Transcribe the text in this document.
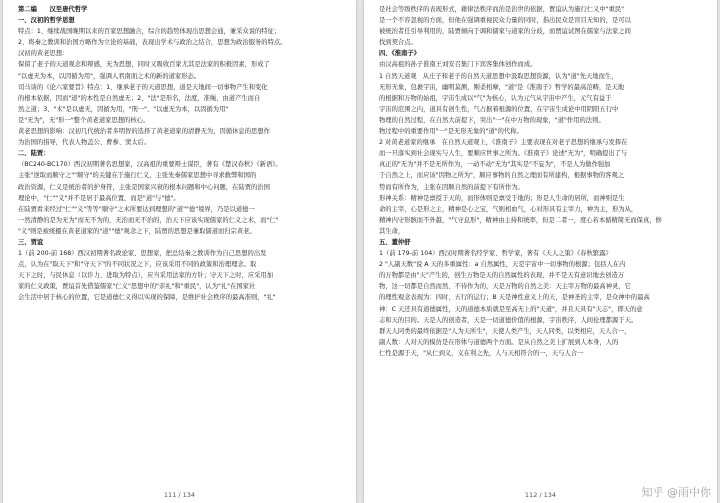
第二编　　汉至唐代哲学

一、汉初的哲学思想

特点：1、继续战国晚期以来的百家思想融合，综合的趋势体现出思想会通，兼采众说的特征；

2、将秦之教训和治国方略作为立论的基础，表现出学术与政治之结合，思想为政治服务的特点。

汉初的黄老思想：

保留了老子的天道观念和辩感，无为思想，同时又吸收百家尤其是法家的积极因素，形成了

"以虚无为本，以因循为用"，强调人君南面之术的新的道家形态。

司马谈的《论六家要旨》特点：1、继承老子的天道思想，道是天地间一切事物产生和变化

的根本依据，因而"道"的本性是自然虚无；2、"法"是形名，法度，准绳，由道产生而自

然之道；3、"术"是以虚无，因循为用，"刑一"、"以虚无为本，以因循为用"

是"无为"，无"形一"整个黄老道家思想的核心。

黄老思想的影响：汉初几代统治者多明智的选择了黄老道家的清静无为，因循休息的思想作

为治国的指导，代表人物盖公、曹参、窦太后。

二、陆贾：

（BC240-BC170）西汉初期著名思想家，汉高祖的重要辩士谋臣，著有《楚汉春秋》《新语》。

主张"逆取而顺守之""顺守"的关键在于施行仁义，主张先秦儒家思想中寻求救弊和国的

政治资源，仁义是统治者的护身符，主张是国家兴衰的根本问题和中心问题，在陆贾的治国

理论中，"仁""义"并不是居于最高位置，而是"道"与"德"。

在陆贾看来经过"仁""义"等等"顺守"之术所要达到理想的"道""德"境界，乃是以道德一

一然清静的是为无为"而无不为的，无治而无不治的，治天下应该实现儒家的仁义之术，而"仁"

"义"则是被统摄在黄老道家的"道""德"观念之下，陆贾的思想是兼取儒道而归宗黄老。

三、贾谊

1（前 200-前 168）西汉初期著名政论家、思想家，把总结秦之教训作为自己思想的出发

点，认为在"取天下"和"守天下"的不同状况之下，应该采用不同的政策和治理理念。取

天下之时，与民休息（以诈力、进取为特点），应当采用法家的方针；守天下之时，应采用加

家的仁义政策，贾谊首先借鉴儒家"仁义"思想中的"亲礼"和"重民"，认为"礼"在国家社

会生活中居于核心的位置，它是道德仁义得以实现的保障，是维护社会秩序的最高准则，"礼"

111 / 134

是社会等级秩序的表现形式，藉律法秩序而治是治世的依据，贾谊认为施行仁义中"重民"

是一个不容忽视的方面，但他在强调重视民众力量的同时，指出民众是盲目无知的，是可以

被统治者任引导利用的，陆贾倾向于调和儒家与道家的分歧，而贾谊试图在儒家与法家之间

找到契合点。

四、《淮南子》

由汉高祖的孙子淮南王刘安召集门下宾客集体创作而成。

1 自然天道观　从庄子和老子的自然天道思想中汲取思想资源，认为"道"先天地而生，

无形无象，包裹宇宙，幽明莫测，刚柔相摩，"道"是《淮南子》哲学的最高范畴，是天地

的根据和万物的始祖，宇宙生成以"气"为核心，认为元气从宇宙中产生，元气有益于

宇宙的范围之内，道具有创生性，气占据着根源的位置，在宇宙生成论中用阴阳五行中

物理的自然过程，在自然大前提下，突出"一"在中万物的现象，"道"作用的法则。

物过程中的重要作用"一"是无形无象的"道"的代称。

2 对黄老道家的继承　在自然天道观上，《淮南子》主要表现在对老子思想的继承与发挥在

而一旦落实到社会现实与人生，要顺应世事之所为。《淮南子》论述"无为"，明确提出了与

真正的"无为"并不是无所作为，一动不动"无为"其实是"不妄为"，不是人为做作强加

于自然之上，而应该"因物之所为"，顺应事物的自然之理而有所建构，根据事物的客观之

势而有所作为，主张在因顺自然的前提下有所作为。

形神关系：精神是禀授于天的，而形体则是禀受于地的；形是人生命的居所，而神则是生

命的主宰，心是形之主，精神是心之宝，气则相血气，心对形具有主宰力，神为主，形为从，

精神内守形骸而不外越，"气守息形"，精神由主持和统率，但是二者一，度心若本循精简无而保真，修

其生命，

五、董仲舒

1（前 179-前 104）西汉时期著名经学家、哲学家，著有《天人之策》《春秋繁露》

2 "人副天数"说 A 天的多重属性：a 自然属性，天是宇宙中一切事物的根源；包括人在内

的万物都是由"天"产生的，创生万物是天的自然属性的表现，并不是天有意识地去创造万

物，这一切都是自然而然、不待作为的，天是万物的自然之美：天主宰万物的最高神灵，它

的理性观念表现为：四时、五行的运行；B 天是神性意义上的天，是神圣的主宰，是众神中的最高

神：C 天还具有道德属性，天的道德本质就是至高无上的"天道"，并且天具有"天志"，即天的意

志和天的目的。天是人的创造者，天是一切道德价值的根源，宇宙秩序，人间伦理都源于天。

群天人同类的最终依据是"人为天所生"，天使人类产生，天人同类，以类相应，天人合一，

副人数：人对天的模仿是在形体与道德两个方面。是从自然之美上扩展到人本身，人的

仁性是源于天，"从仁到义，义在利之先，人与天相符合的一，天与人合一

112 / 134	知乎 @雨中你
